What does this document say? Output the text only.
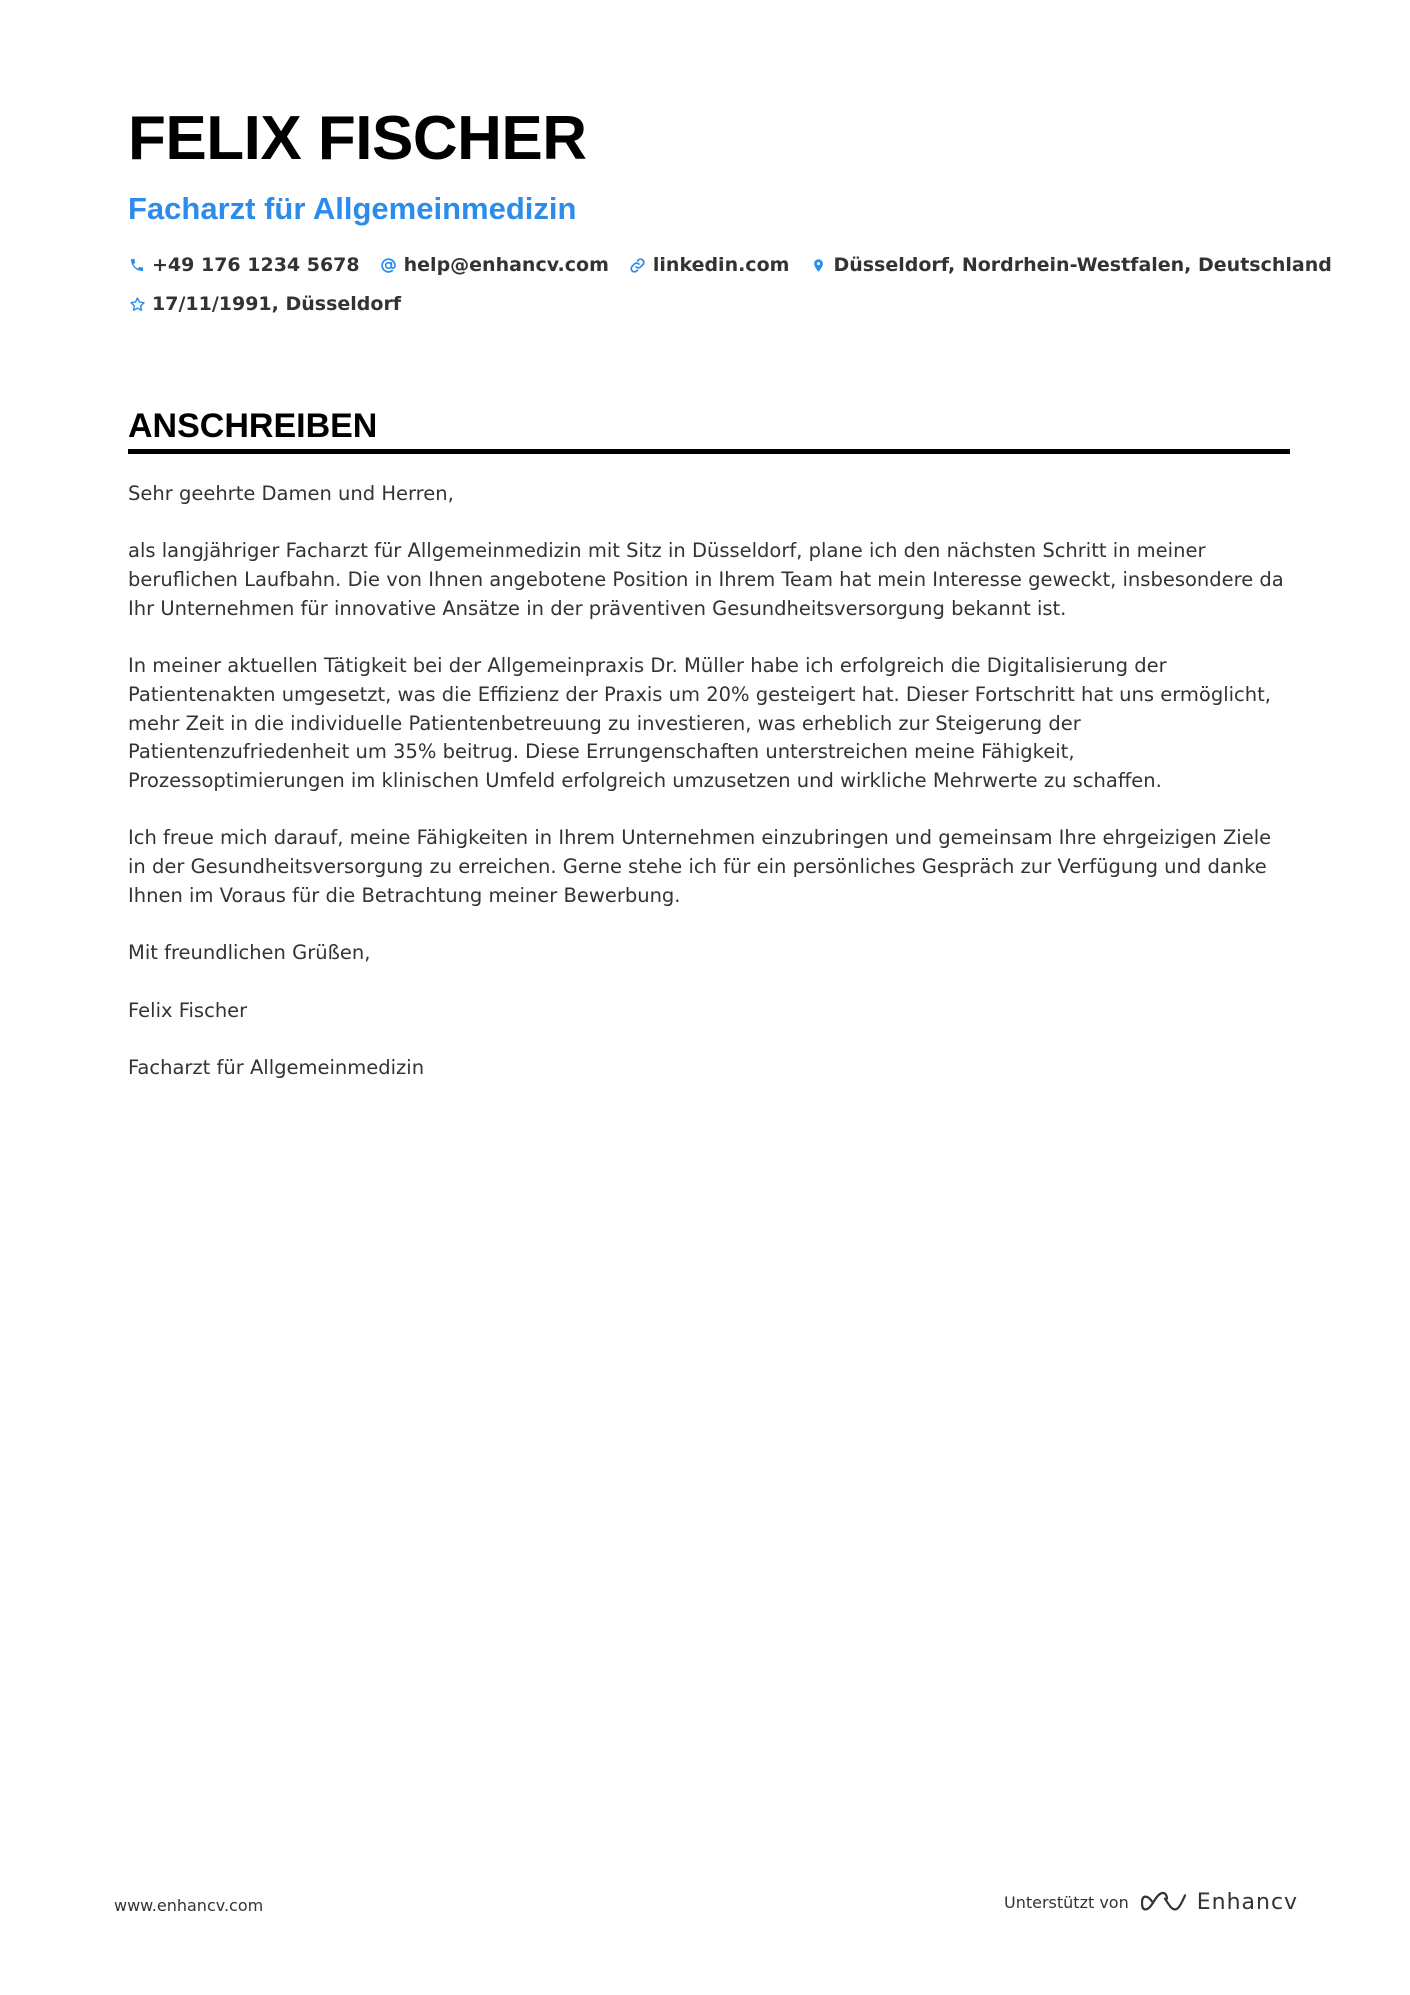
FELIX FISCHER
Facharzt für Allgemeinmedizin
+49 176 1234 5678 help@enhancv.com linkedin.com Düsseldorf, Nordrhein-Westfalen, Deutschland
17/11/1991, Düsseldorf
ANSCHREIBEN

Sehr geehrte Damen und Herren,

als langjähriger Facharzt für Allgemeinmedizin mit Sitz in Düsseldorf, plane ich den nächsten Schritt in meiner beruflichen Laufbahn. Die von Ihnen angebotene Position in Ihrem Team hat mein Interesse geweckt, insbesondere da Ihr Unternehmen für innovative Ansätze in der präventiven Gesundheitsversorgung bekannt ist.

In meiner aktuellen Tätigkeit bei der Allgemeinpraxis Dr. Müller habe ich erfolgreich die Digitalisierung der Patientenakten umgesetzt, was die Effizienz der Praxis um 20% gesteigert hat. Dieser Fortschritt hat uns ermöglicht, mehr Zeit in die individuelle Patientenbetreuung zu investieren, was erheblich zur Steigerung der Patientenzufriedenheit um 35% beitrug. Diese Errungenschaften unterstreichen meine Fähigkeit, Prozessoptimierungen im klinischen Umfeld erfolgreich umzusetzen und wirkliche Mehrwerte zu schaffen.

Ich freue mich darauf, meine Fähigkeiten in Ihrem Unternehmen einzubringen und gemeinsam Ihre ehrgeizigen Ziele in der Gesundheitsversorgung zu erreichen. Gerne stehe ich für ein persönliches Gespräch zur Verfügung und danke Ihnen im Voraus für die Betrachtung meiner Bewerbung.

Mit freundlichen Grüßen,

Felix Fischer

Facharzt für Allgemeinmedizin

www.enhancv.com	Unterstützt von	Enhancv
